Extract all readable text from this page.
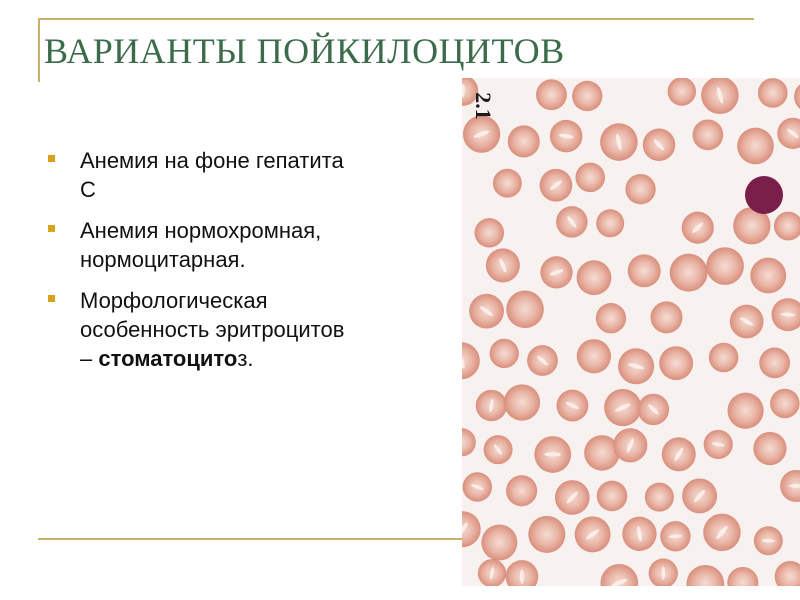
ВАРИАНТЫ ПОЙКИЛОЦИТОВ
Анемия на фоне гепатита С
Анемия нормохромная, нормоцитарная.
Морфологическая особенность эритроцитов – стоматоцитоз.
2.1
